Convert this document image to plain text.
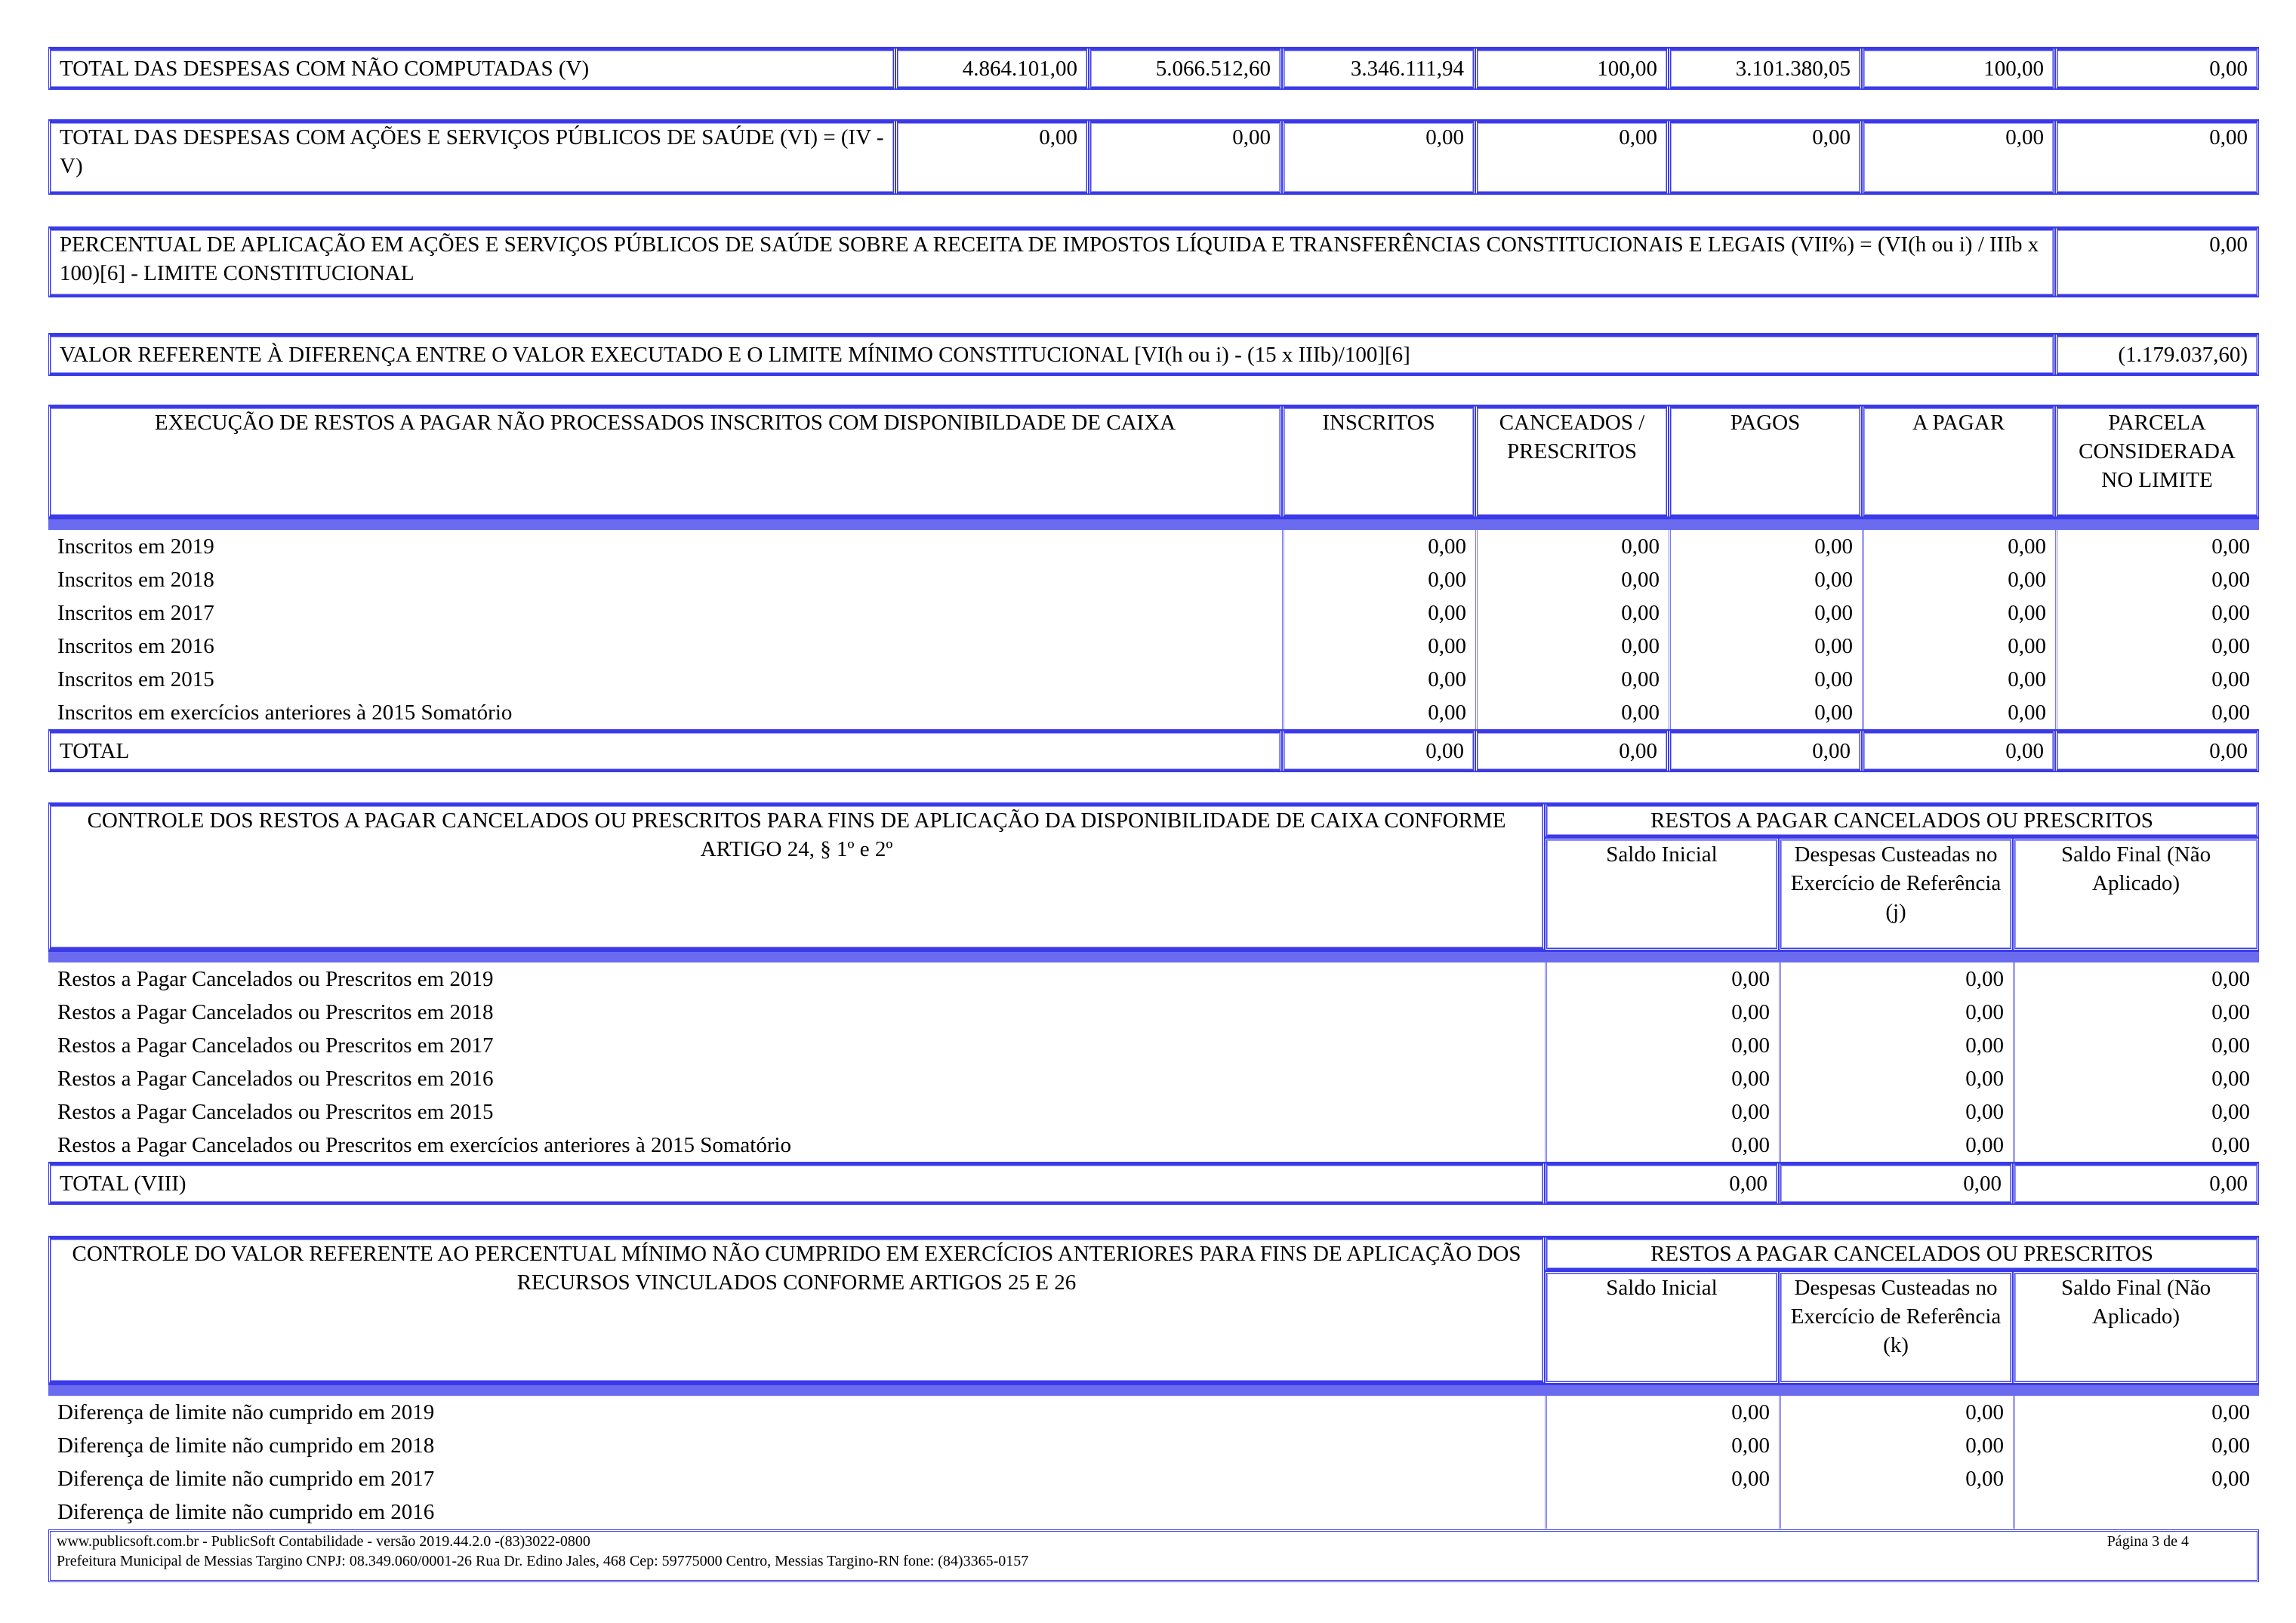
TOTAL DAS DESPESAS COM NÃO COMPUTADAS (V)	4.864.101,00	5.066.512,60	3.346.111,94	100,00	3.101.380,05	100,00	0,00
TOTAL DAS DESPESAS COM AÇÕES E SERVIÇOS PÚBLICOS DE SAÚDE (VI) = (IV - V)	0,00	0,00	0,00	0,00	0,00	0,00	0,00
PERCENTUAL DE APLICAÇÃO EM AÇÕES E SERVIÇOS PÚBLICOS DE SAÚDE SOBRE A RECEITA DE IMPOSTOS LÍQUIDA E TRANSFERÊNCIAS CONSTITUCIONAIS E LEGAIS (VII%) = (VI(h ou i) / IIIb x 100)[6] - LIMITE CONSTITUCIONAL	0,00
VALOR REFERENTE À DIFERENÇA ENTRE O VALOR EXECUTADO E O LIMITE MÍNIMO CONSTITUCIONAL [VI(h ou i) - (15 x IIIb)/100][6]	(1.179.037,60)
EXECUÇÃO DE RESTOS A PAGAR NÃO PROCESSADOS INSCRITOS COM DISPONIBILDADE DE CAIXA	INSCRITOS	CANCEADOS / PRESCRITOS	PAGOS	A PAGAR	PARCELA CONSIDERADA NO LIMITE
Inscritos em 2019	0,00	0,00	0,00	0,00	0,00
Inscritos em 2018	0,00	0,00	0,00	0,00	0,00
Inscritos em 2017	0,00	0,00	0,00	0,00	0,00
Inscritos em 2016	0,00	0,00	0,00	0,00	0,00
Inscritos em 2015	0,00	0,00	0,00	0,00	0,00
Inscritos em exercícios anteriores à 2015 Somatório	0,00	0,00	0,00	0,00	0,00
TOTAL	0,00	0,00	0,00	0,00	0,00
CONTROLE DOS RESTOS A PAGAR CANCELADOS OU PRESCRITOS PARA FINS DE APLICAÇÃO DA DISPONIBILIDADE DE CAIXA CONFORME ARTIGO 24, § 1º e 2º	RESTOS A PAGAR CANCELADOS OU PRESCRITOS		
	Saldo Inicial	Despesas Custeadas no Exercício de Referência (j)	Saldo Final (Não Aplicado)
Restos a Pagar Cancelados ou Prescritos em 2019	0,00	0,00	0,00
Restos a Pagar Cancelados ou Prescritos em 2018	0,00	0,00	0,00
Restos a Pagar Cancelados ou Prescritos em 2017	0,00	0,00	0,00
Restos a Pagar Cancelados ou Prescritos em 2016	0,00	0,00	0,00
Restos a Pagar Cancelados ou Prescritos em 2015	0,00	0,00	0,00
Restos a Pagar Cancelados ou Prescritos em exercícios anteriores à 2015 Somatório	0,00	0,00	0,00
TOTAL (VIII)	0,00	0,00	0,00
CONTROLE DO VALOR REFERENTE AO PERCENTUAL MÍNIMO NÃO CUMPRIDO EM EXERCÍCIOS ANTERIORES PARA FINS DE APLICAÇÃO DOS RECURSOS VINCULADOS CONFORME ARTIGOS 25 E 26	RESTOS A PAGAR CANCELADOS OU PRESCRITOS		
	Saldo Inicial	Despesas Custeadas no Exercício de Referência (k)	Saldo Final (Não Aplicado)
Diferença de limite não cumprido em 2019	0,00	0,00	0,00
Diferença de limite não cumprido em 2018	0,00	0,00	0,00
Diferença de limite não cumprido em 2017	0,00	0,00	0,00
Diferença de limite não cumprido em 2016			
www.publicsoft.com.br - PublicSoft Contabilidade - versão 2019.44.2.0 -(83)3022-0800	Página 3 de 4
Prefeitura Municipal de Messias Targino CNPJ: 08.349.060/0001-26 Rua Dr. Edino Jales, 468 Cep: 59775000 Centro, Messias Targino-RN fone: (84)3365-0157
